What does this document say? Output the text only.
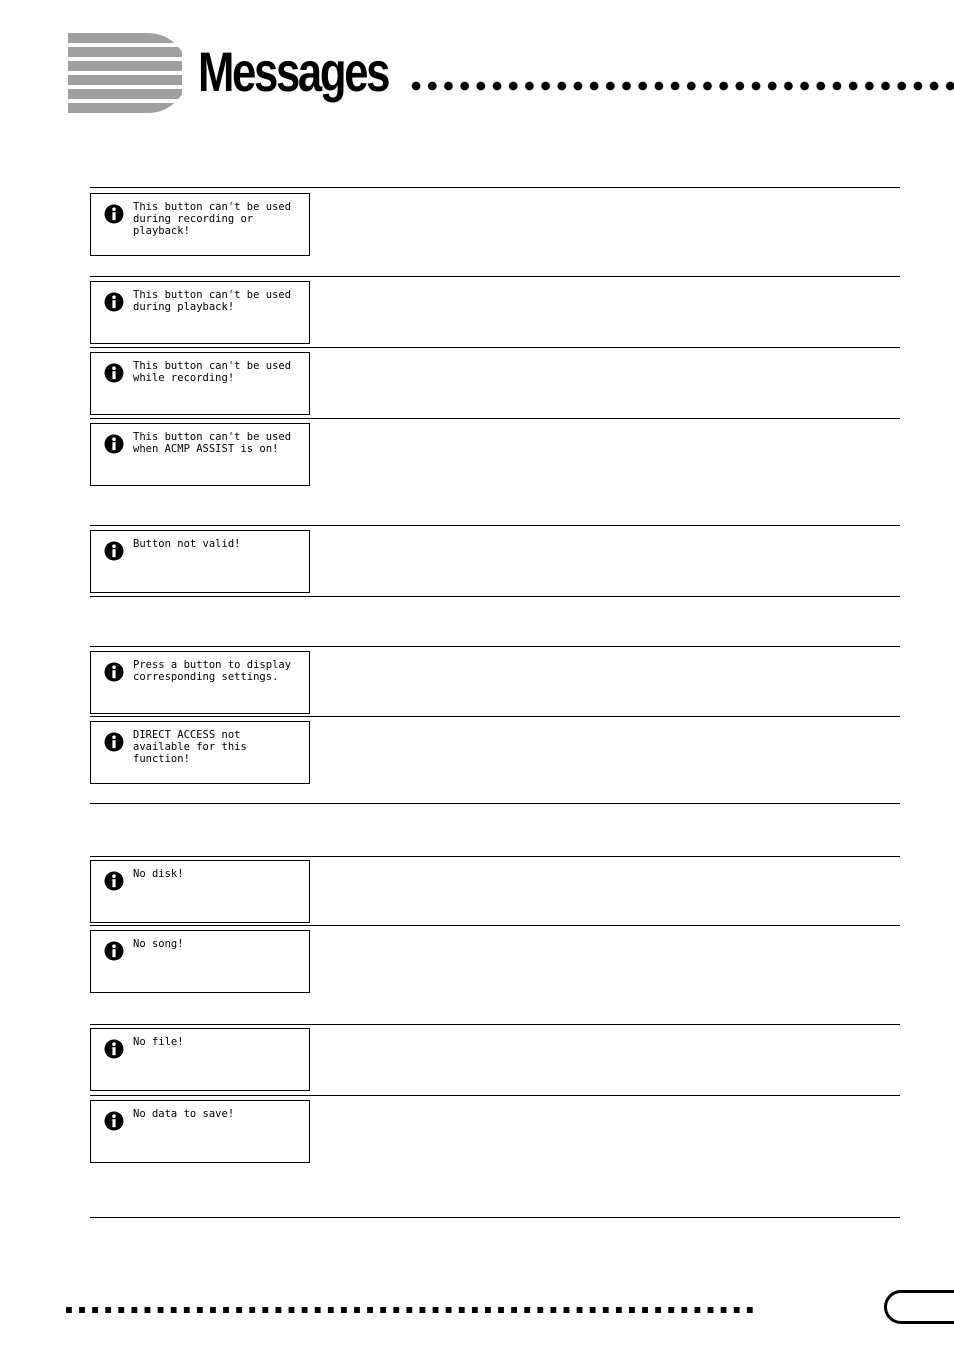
Messages
This button can't be used
during recording or
playback!
This button can't be used
during playback!
This button can't be used
while recording!
This button can't be used
when ACMP ASSIST is on!
Button not valid!
Press a button to display
corresponding settings.
DIRECT ACCESS not
available for this function!
No disk!
No song!
No file!
No data to save!
